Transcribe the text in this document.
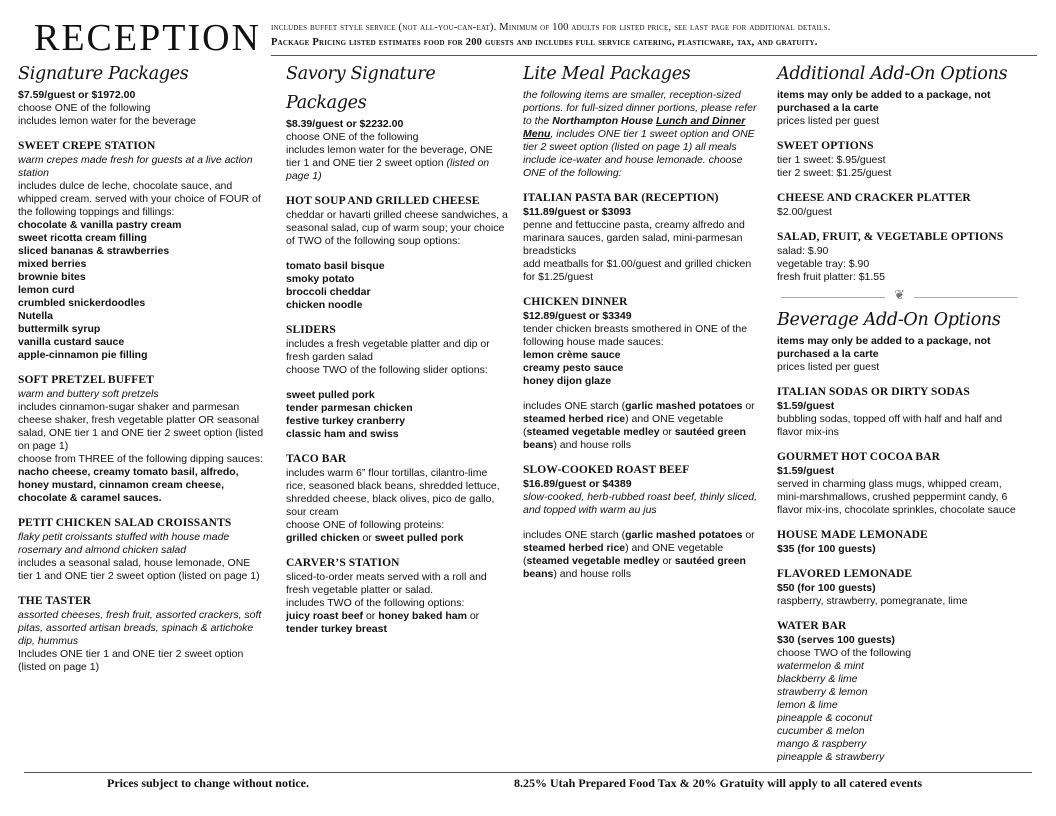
RECEPTION includes buffet style service (not all-you-can-eat). Minimum of 100 adults for listed price, see last page for additional details.
Package Pricing listed estimates food for 200 guests and includes full service catering, plasticware, tax, and gratuity.
Signature Packages
$7.59/guest or $1972.00
choose ONE of the following
includes lemon water for the beverage
SWEET CREPE STATION
warm crepes made fresh for guests at a live action station
includes dulce de leche, chocolate sauce, and whipped cream. served with your choice of FOUR of the following toppings and fillings:
chocolate & vanilla pastry cream
sweet ricotta cream filling
sliced bananas & strawberries
mixed berries
brownie bites
lemon curd
crumbled snickerdoodles
Nutella
buttermilk syrup
vanilla custard sauce
apple-cinnamon pie filling
SOFT PRETZEL BUFFET
warm and buttery soft pretzels
includes cinnamon-sugar shaker and parmesan cheese shaker, fresh vegetable platter OR seasonal salad, ONE tier 1 and ONE tier 2 sweet option (listed on page 1)
choose from THREE of the following dipping sauces: nacho cheese, creamy tomato basil, alfredo, honey mustard, cinnamon cream cheese, chocolate & caramel sauces.
PETIT CHICKEN SALAD CROISSANTS
flaky petit croissants stuffed with house made rosemary and almond chicken salad
includes a seasonal salad, house lemonade, ONE tier 1 and ONE tier 2 sweet option (listed on page 1)
THE TASTER
assorted cheeses, fresh fruit, assorted crackers, soft pitas, assorted artisan breads, spinach & artichoke dip, hummus
Includes ONE tier 1 and ONE tier 2 sweet option (listed on page 1)
Savory Signature
Packages
$8.39/guest or $2232.00
choose ONE of the following
includes lemon water for the beverage, ONE tier 1 and ONE tier 2 sweet option (listed on page 1)
HOT SOUP AND GRILLED CHEESE
cheddar or havarti grilled cheese sandwiches, a seasonal salad, cup of warm soup; your choice of TWO of the following soup options:
tomato basil bisque
smoky potato
broccoli cheddar
chicken noodle
SLIDERS
includes a fresh vegetable platter and dip or fresh garden salad
choose TWO of the following slider options:
sweet pulled pork
tender parmesan chicken
festive turkey cranberry
classic ham and swiss
TACO BAR
includes warm 6” flour tortillas, cilantro-lime rice, seasoned black beans, shredded lettuce, shredded cheese, black olives, pico de gallo, sour cream
choose ONE of following proteins:
grilled chicken or sweet pulled pork
CARVER’S STATION
sliced-to-order meats served with a roll and fresh vegetable platter or salad.
includes TWO of the following options:
juicy roast beef or honey baked ham or tender turkey breast
Lite Meal Packages
the following items are smaller, reception-sized portions. for full-sized dinner portions, please refer to the Northampton House Lunch and Dinner Menu, includes ONE tier 1 sweet option and ONE tier 2 sweet option (listed on page 1) all meals include ice-water and house lemonade. choose ONE of the following:
ITALIAN PASTA BAR (RECEPTION)
$11.89/guest or $3093
penne and fettuccine pasta, creamy alfredo and marinara sauces, garden salad, mini-parmesan breadsticks
add meatballs for $1.00/guest and grilled chicken for $1.25/guest
CHICKEN DINNER
$12.89/guest or $3349
tender chicken breasts smothered in ONE of the following house made sauces:
lemon crème sauce
creamy pesto sauce
honey dijon glaze
includes ONE starch (garlic mashed potatoes or steamed herbed rice) and ONE vegetable (steamed vegetable medley or sautéed green beans) and house rolls
SLOW-COOKED ROAST BEEF
$16.89/guest or $4389
slow-cooked, herb-rubbed roast beef, thinly sliced, and topped with warm au jus
includes ONE starch (garlic mashed potatoes or steamed herbed rice) and ONE vegetable (steamed vegetable medley or sautéed green beans) and house rolls
Additional Add-On Options
items may only be added to a package, not purchased a la carte
prices listed per guest
SWEET OPTIONS
tier 1 sweet: $.95/guest
tier 2 sweet: $1.25/guest
CHEESE AND CRACKER PLATTER
$2.00/guest
SALAD, FRUIT, & VEGETABLE OPTIONS
salad: $.90
vegetable tray: $.90
fresh fruit platter: $1.55
❦
Beverage Add-On Options
items may only be added to a package, not purchased a la carte
prices listed per guest
ITALIAN SODAS OR DIRTY SODAS
$1.59/guest
bubbling sodas, topped off with half and half and flavor mix-ins
GOURMET HOT COCOA BAR
$1.59/guest
served in charming glass mugs, whipped cream, mini-marshmallows, crushed peppermint candy, 6 flavor mix-ins, chocolate sprinkles, chocolate sauce
HOUSE MADE LEMONADE
$35 (for 100 guests)
FLAVORED LEMONADE
$50 (for 100 guests)
raspberry, strawberry, pomegranate, lime
WATER BAR
$30 (serves 100 guests)
choose TWO of the following
watermelon & mint
blackberry & lime
strawberry & lemon
lemon & lime
pineapple & coconut
cucumber & melon
mango & raspberry
pineapple & strawberry
Prices subject to change without notice.	8.25% Utah Prepared Food Tax & 20% Gratuity will apply to all catered events
